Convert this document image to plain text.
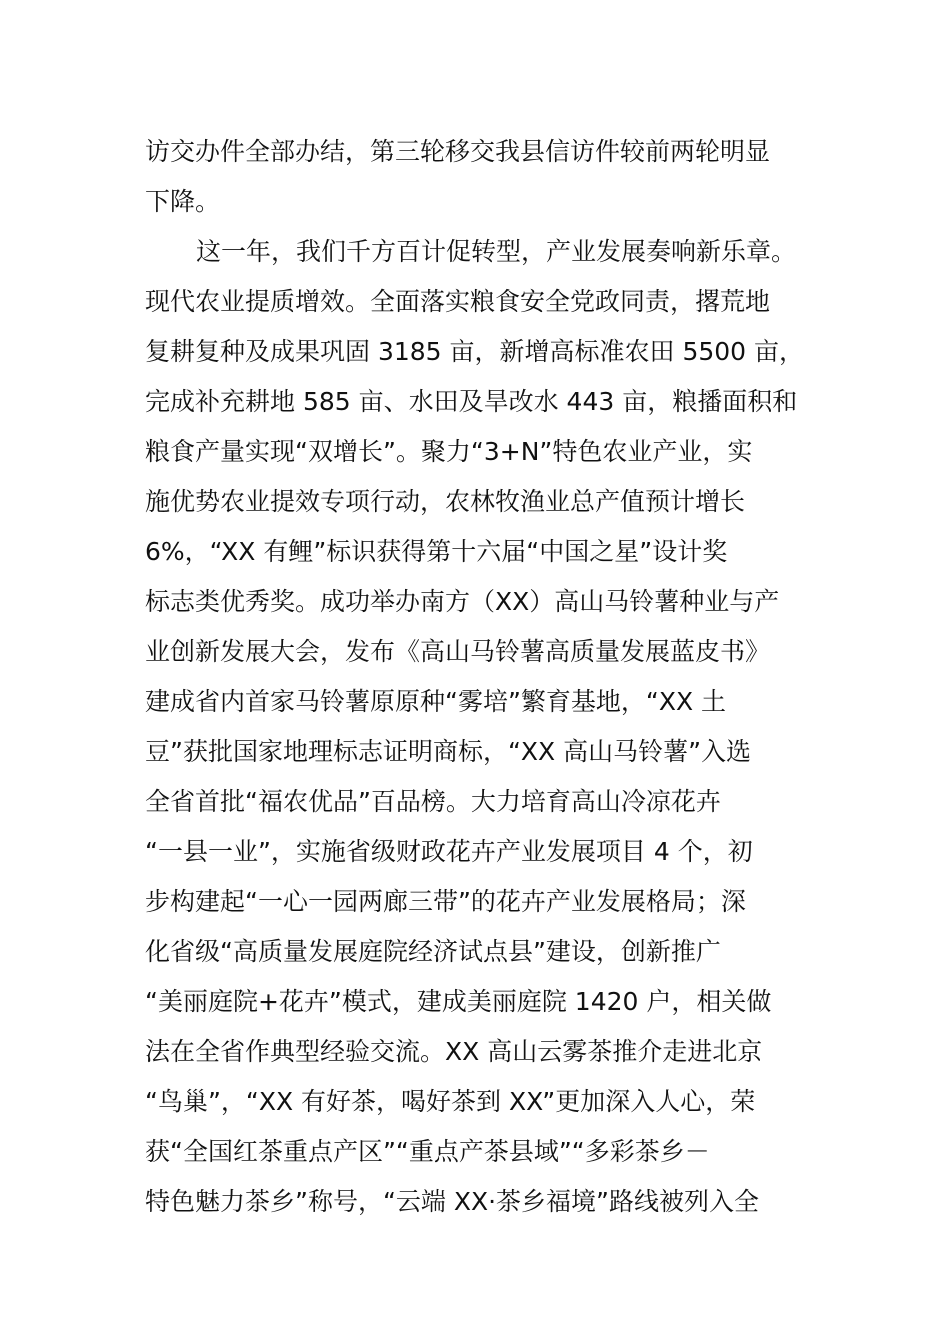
访交办件全部办结，第三轮移交我县信访件较前两轮明显
下降。
这一年，我们千方百计促转型，产业发展奏响新乐章。
现代农业提质增效。全面落实粮食安全党政同责，撂荒地
复耕复种及成果巩固 3185 亩，新增高标准农田 5500 亩，
完成补充耕地 585 亩、水田及旱改水 443 亩，粮播面积和
粮食产量实现“双增长”。聚力“3+N”特色农业产业，实
施优势农业提效专项行动，农林牧渔业总产值预计增长
6%，“XX 有鲤”标识获得第十六届“中国之星”设计奖
标志类优秀奖。成功举办南方（XX）高山马铃薯种业与产
业创新发展大会，发布《高山马铃薯高质量发展蓝皮书》
建成省内首家马铃薯原原种“雾培”繁育基地，“XX 土
豆”获批国家地理标志证明商标，“XX 高山马铃薯”入选
全省首批“福农优品”百品榜。大力培育高山冷凉花卉
“一县一业”，实施省级财政花卉产业发展项目 4 个，初
步构建起“一心一园两廊三带”的花卉产业发展格局；深
化省级“高质量发展庭院经济试点县”建设，创新推广
“美丽庭院+花卉”模式，建成美丽庭院 1420 户，相关做
法在全省作典型经验交流。XX 高山云雾茶推介走进北京
“鸟巢”，“XX 有好茶，喝好茶到 XX”更加深入人心，荣
获“全国红茶重点产区”“重点产茶县域”“多彩茶乡－
特色魅力茶乡”称号，“云端 XX·茶乡福境”路线被列入全
